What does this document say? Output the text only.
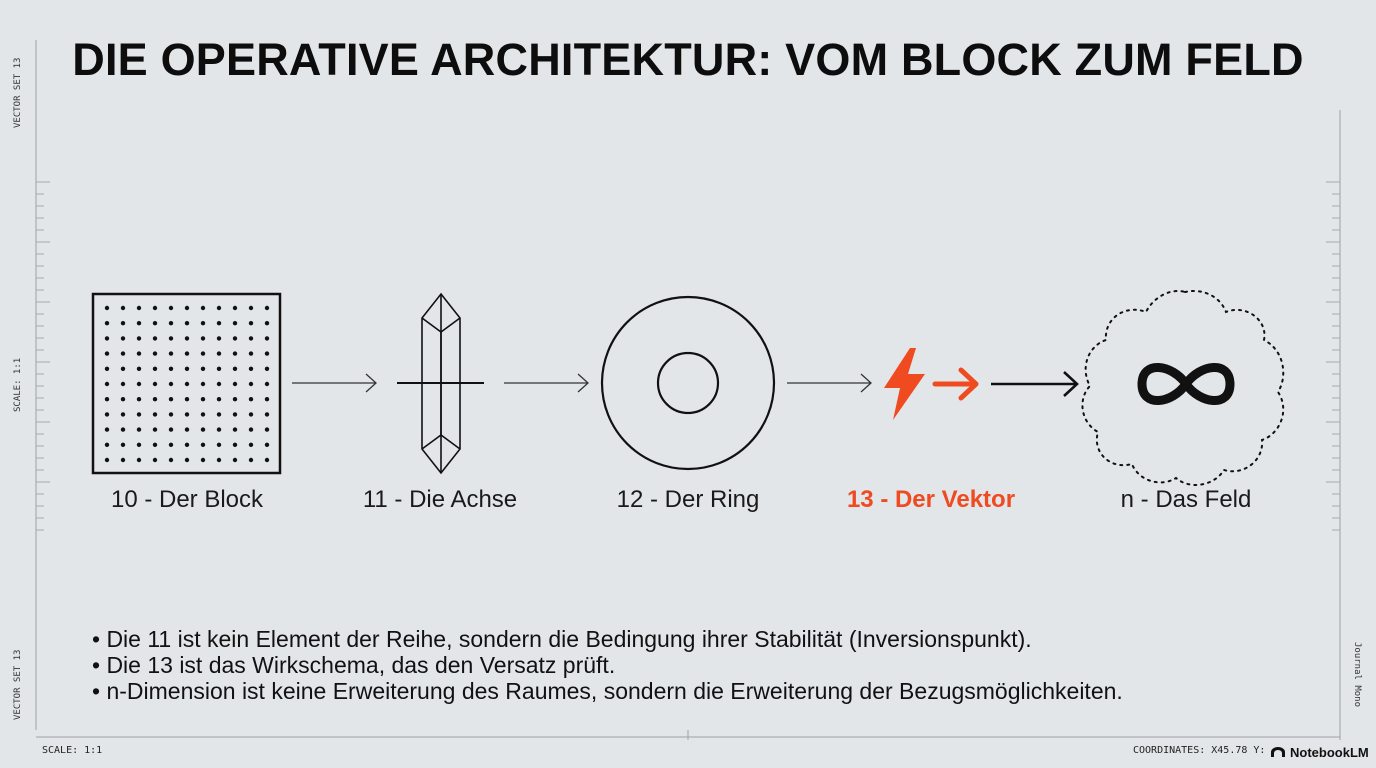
DIE OPERATIVE ARCHITEKTUR: VOM BLOCK ZUM FELD
VECTOR SET 13
SCALE: 1:1
VECTOR SET 13	Journal Mono
10 - Der Block	11 - Die Achse	12 - Der Ring	13 - Der Vektor	n - Das Feld
• Die 11 ist kein Element der Reihe, sondern die Bedingung ihrer Stabilität (Inversionspunkt).
• Die 13 ist das Wirkschema, das den Versatz prüft.
• n-Dimension ist keine Erweiterung des Raumes, sondern die Erweiterung der Bezugsmöglichkeiten.
SCALE: 1:1	COORDINATES: X45.78 Y: NotebookLM
